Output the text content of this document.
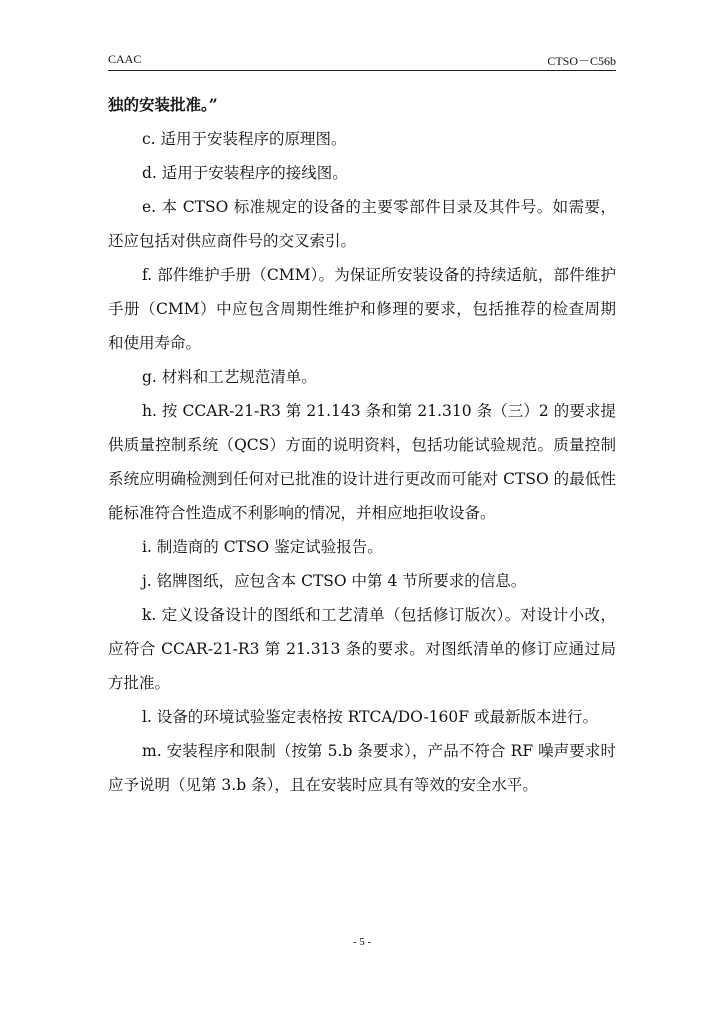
CAAC	CTSO－C56b

独的安装批准。”

c. 适用于安装程序的原理图。

d. 适用于安装程序的接线图。

e. 本 CTSO 标准规定的设备的主要零部件目录及其件号。如需要，还应包括对供应商件号的交叉索引。

f. 部件维护手册（CMM）。为保证所安装设备的持续适航，部件维护手册（CMM）中应包含周期性维护和修理的要求，包括推荐的检查周期和使用寿命。

g. 材料和工艺规范清单。

h. 按 CCAR-21-R3 第 21.143 条和第 21.310 条（三）2 的要求提供质量控制系统（QCS）方面的说明资料，包括功能试验规范。质量控制系统应明确检测到任何对已批准的设计进行更改而可能对 CTSO 的最低性能标准符合性造成不利影响的情况，并相应地拒收设备。

i. 制造商的 CTSO 鉴定试验报告。

j. 铭牌图纸，应包含本 CTSO 中第 4 节所要求的信息。

k. 定义设备设计的图纸和工艺清单（包括修订版次）。对设计小改，应符合 CCAR-21-R3 第 21.313 条的要求。对图纸清单的修订应通过局方批准。

l. 设备的环境试验鉴定表格按 RTCA/DO-160F 或最新版本进行。

m. 安装程序和限制（按第 5.b 条要求），产品不符合 RF 噪声要求时应予说明（见第 3.b 条），且在安装时应具有等效的安全水平。

- 5 -
